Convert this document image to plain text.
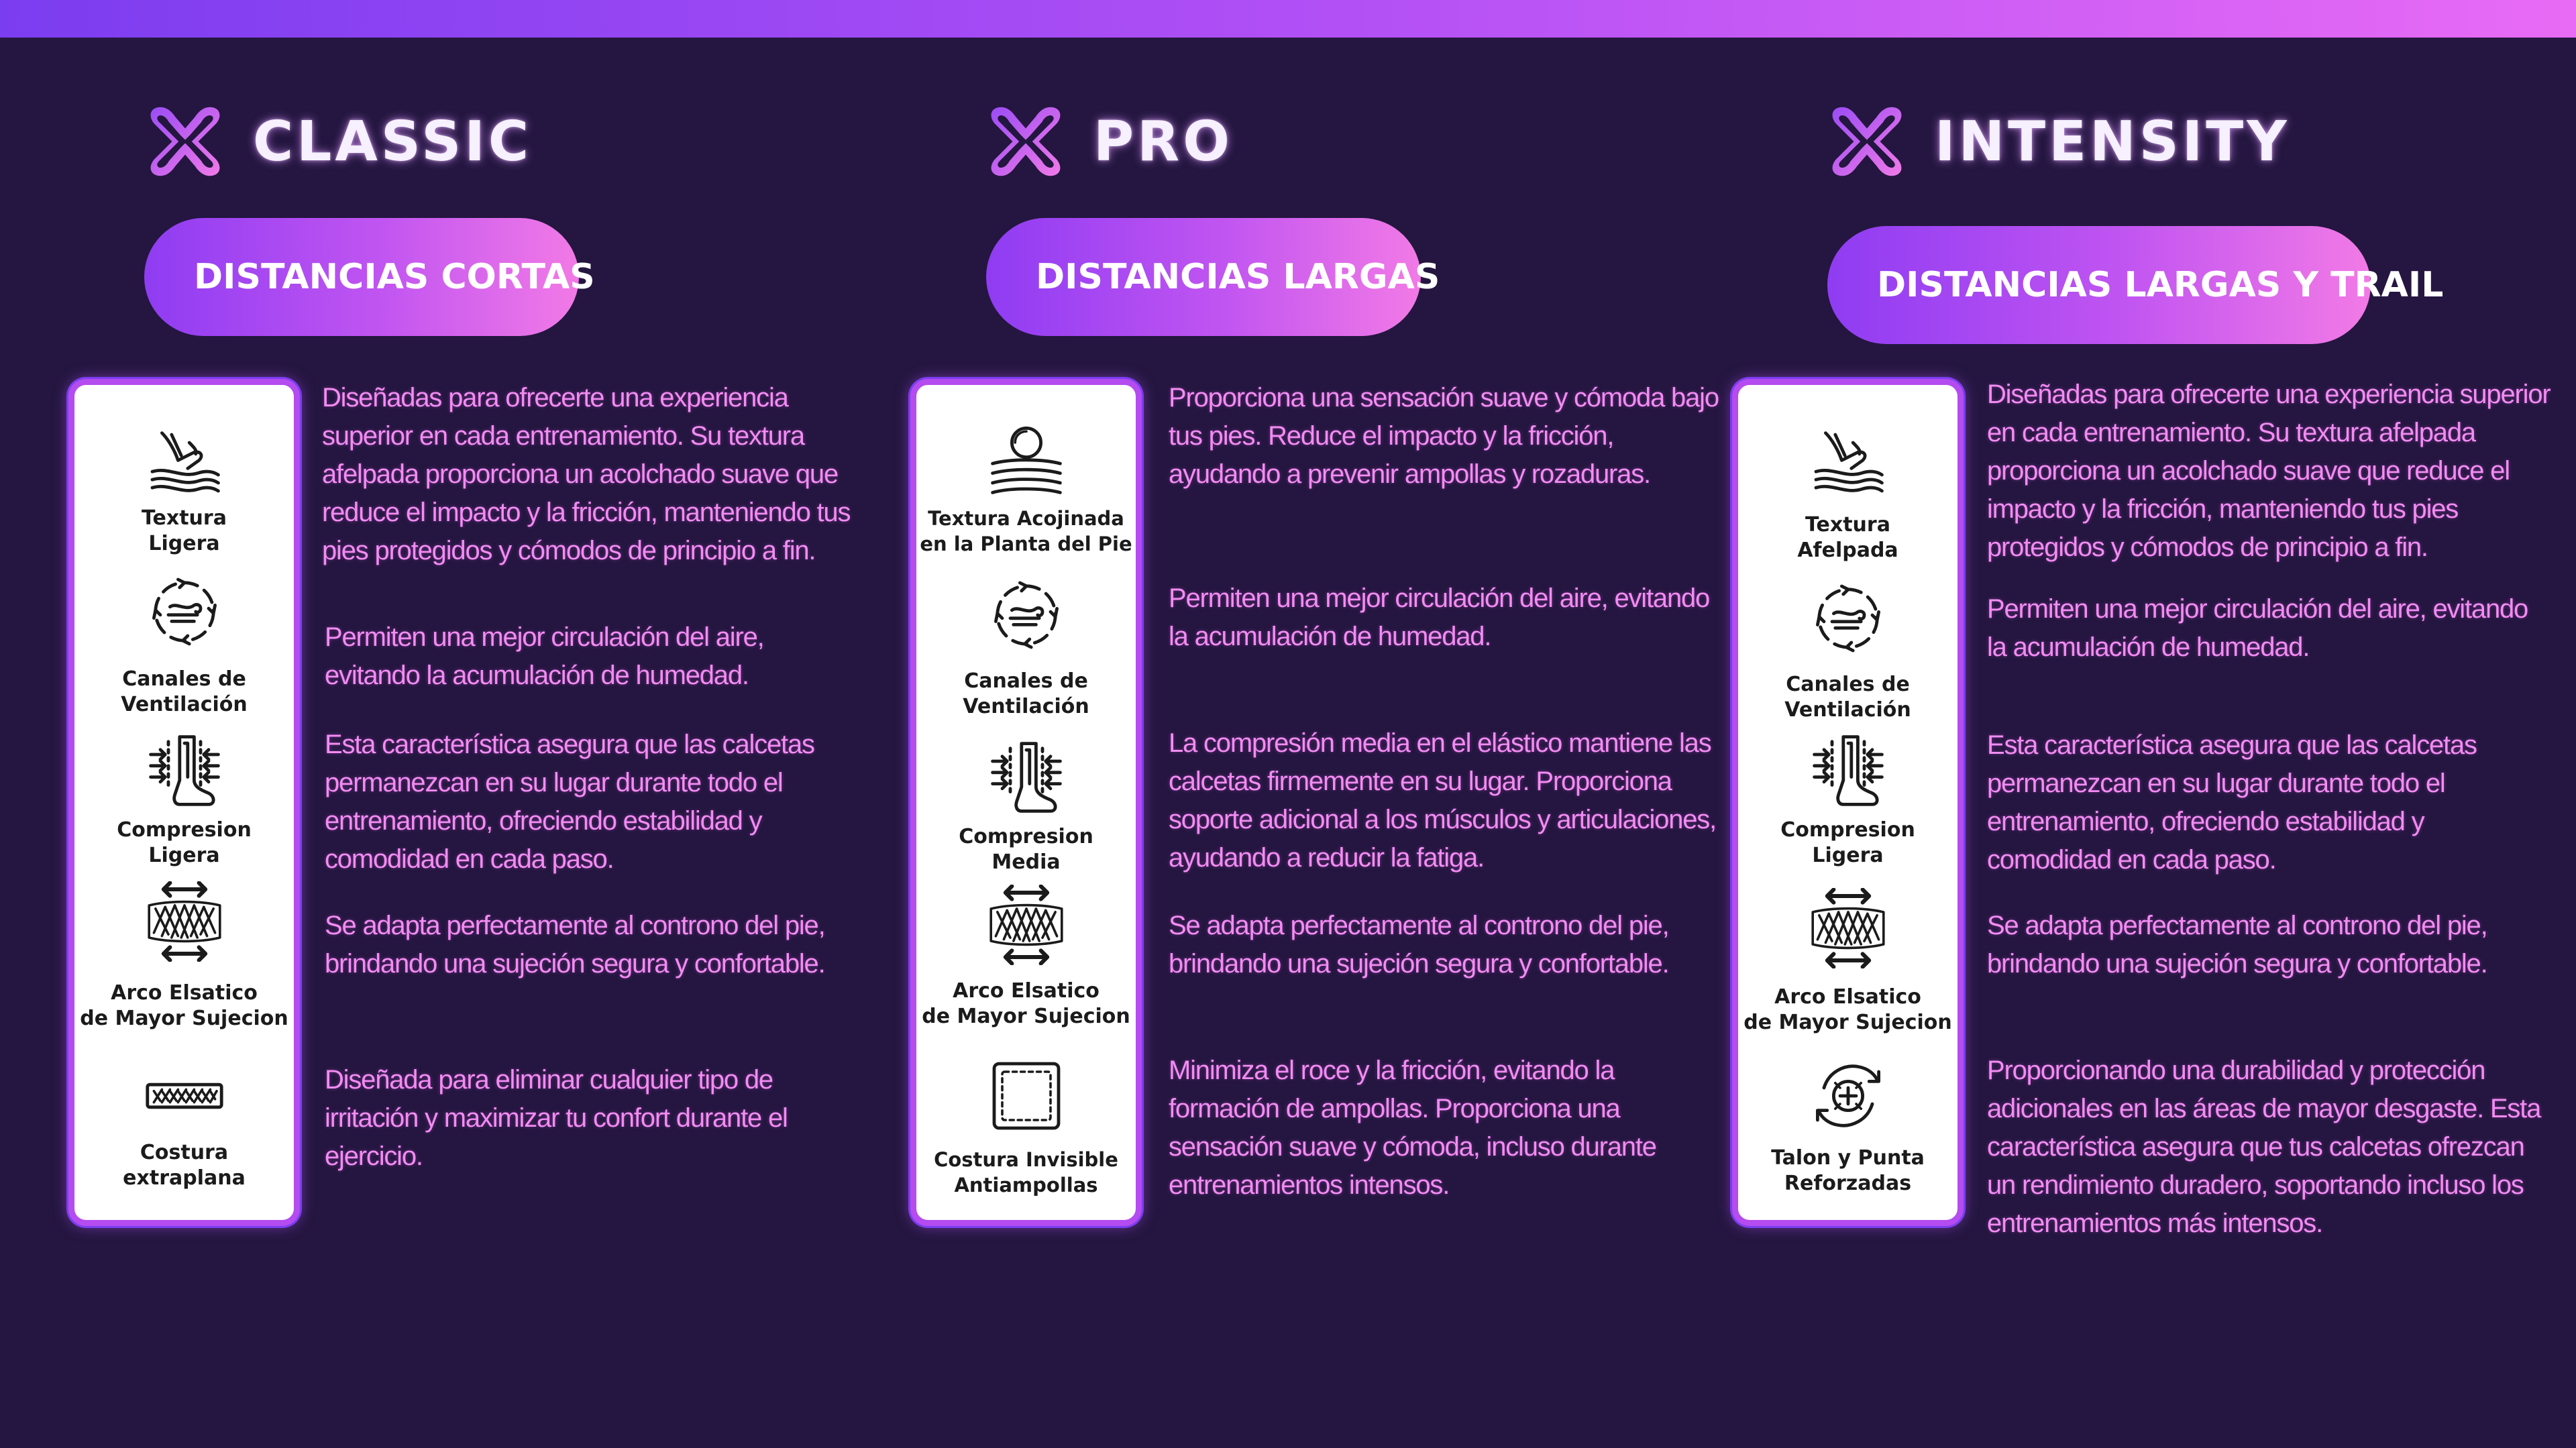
CLASSIC
DISTANCIAS CORTAS
Textura
Ligera
Canales de
Ventilación
Compresion
Ligera
Arco Elsatico
de Mayor Sujecion
Costura
extraplana
Diseñadas para ofrecerte una experiencia superior en cada entrenamiento. Su textura afelpada proporciona un acolchado suave que reduce el impacto y la fricción, manteniendo tus pies protegidos y cómodos de principio a fin.
Permiten una mejor circulación del aire, evitando la acumulación de humedad.
Esta característica asegura que las calcetas permanezcan en su lugar durante todo el entrenamiento, ofreciendo estabilidad y comodidad en cada paso.
Se adapta perfectamente al controno del pie, brindando una sujeción segura y confortable.
Diseñada para eliminar cualquier tipo de irritación y maximizar tu confort durante el ejercicio.
PRO
DISTANCIAS LARGAS
Textura Acojinada
en la Planta del Pie
Canales de
Ventilación
Compresion
Media
Arco Elsatico
de Mayor Sujecion
Costura Invisible
Antiampollas
Proporciona una sensación suave y cómoda bajo tus pies. Reduce el impacto y la fricción, ayudando a prevenir ampollas y rozaduras.
Permiten una mejor circulación del aire, evitando la acumulación de humedad.
La compresión media en el elástico mantiene las calcetas firmemente en su lugar. Proporciona soporte adicional a los músculos y articulaciones, ayudando a reducir la fatiga.
Se adapta perfectamente al controno del pie, brindando una sujeción segura y confortable.
Minimiza el roce y la fricción, evitando la formación de ampollas. Proporciona una sensación suave y cómoda, incluso durante entrenamientos intensos.
INTENSITY
DISTANCIAS LARGAS Y TRAIL
Textura
Afelpada
Canales de
Ventilación
Compresion
Ligera
Arco Elsatico
de Mayor Sujecion
Talon y Punta
Reforzadas
Diseñadas para ofrecerte una experiencia superior en cada entrenamiento. Su textura afelpada proporciona un acolchado suave que reduce el impacto y la fricción, manteniendo tus pies protegidos y cómodos de principio a fin.
Permiten una mejor circulación del aire, evitando la acumulación de humedad.
Esta característica asegura que las calcetas permanezcan en su lugar durante todo el entrenamiento, ofreciendo estabilidad y comodidad en cada paso.
Se adapta perfectamente al controno del pie, brindando una sujeción segura y confortable.
Proporcionando una durabilidad y protección adicionales en las áreas de mayor desgaste. Esta característica asegura que tus calcetas ofrezcan un rendimiento duradero, soportando incluso los entrenamientos más intensos.
